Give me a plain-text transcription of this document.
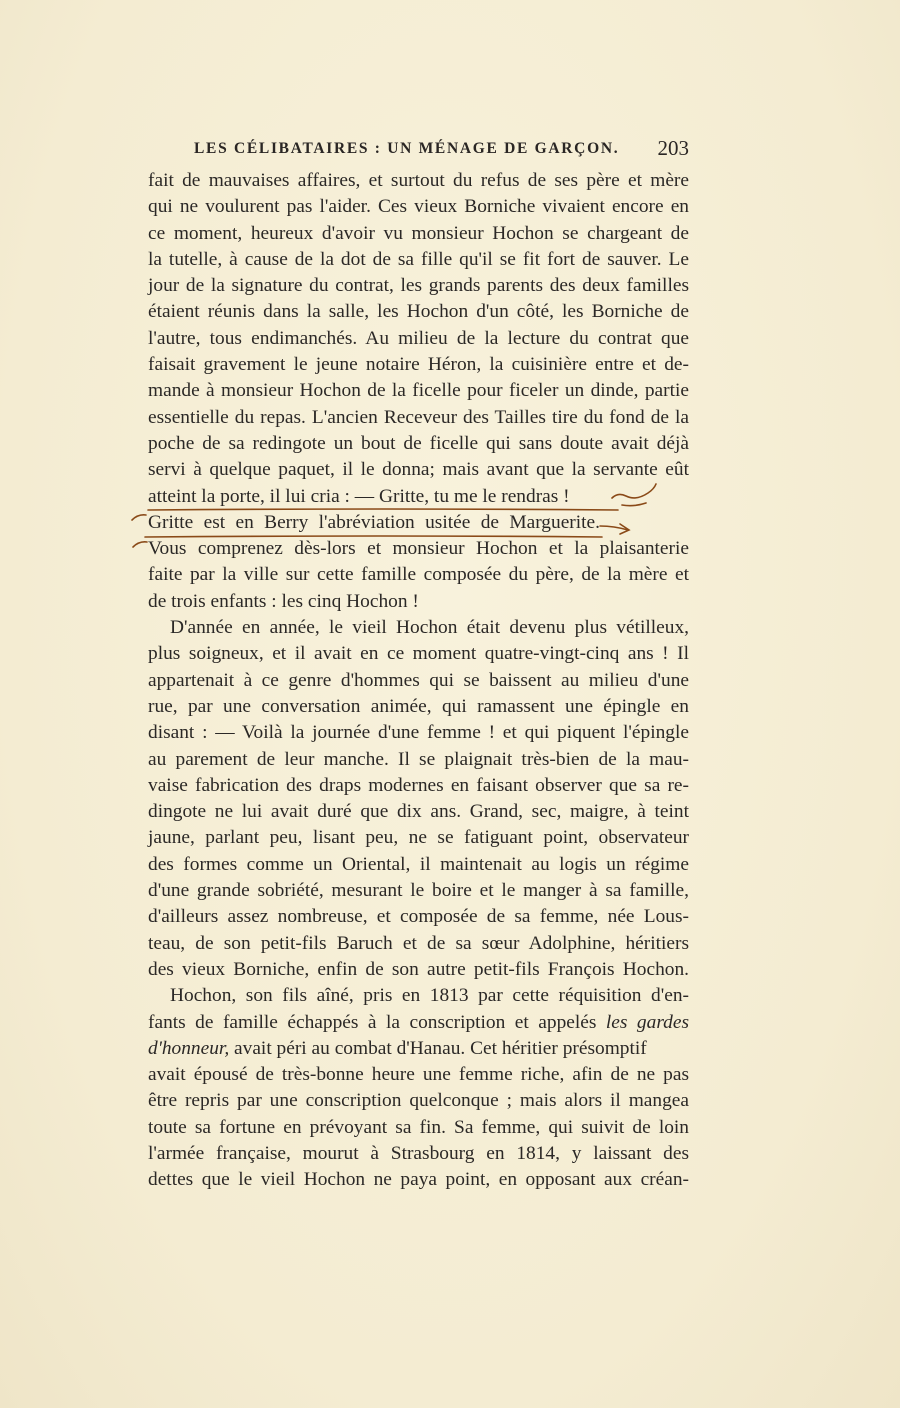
LES CÉLIBATAIRES : UN MÉNAGE DE GARÇON. 203
fait de mauvaises affaires, et surtout du refus de ses père et mère
qui ne voulurent pas l'aider. Ces vieux Borniche vivaient encore en
ce moment, heureux d'avoir vu monsieur Hochon se chargeant de
la tutelle, à cause de la dot de sa fille qu'il se fit fort de sauver. Le
jour de la signature du contrat, les grands parents des deux familles
étaient réunis dans la salle, les Hochon d'un côté, les Borniche de
l'autre, tous endimanchés. Au milieu de la lecture du contrat que
faisait gravement le jeune notaire Héron, la cuisinière entre et de-
mande à monsieur Hochon de la ficelle pour ficeler un dinde, partie
essentielle du repas. L'ancien Receveur des Tailles tire du fond de la
poche de sa redingote un bout de ficelle qui sans doute avait déjà
servi à quelque paquet, il le donna; mais avant que la servante eût
atteint la porte, il lui cria : — Gritte, tu me le rendras !
Gritte est en Berry l'abréviation usitée de Marguerite.
Vous comprenez dès-lors et monsieur Hochon et la plaisanterie
faite par la ville sur cette famille composée du père, de la mère et
de trois enfants : les cinq Hochon !
D'année en année, le vieil Hochon était devenu plus vétilleux,
plus soigneux, et il avait en ce moment quatre-vingt-cinq ans ! Il
appartenait à ce genre d'hommes qui se baissent au milieu d'une
rue, par une conversation animée, qui ramassent une épingle en
disant : — Voilà la journée d'une femme ! et qui piquent l'épingle
au parement de leur manche. Il se plaignait très-bien de la mau-
vaise fabrication des draps modernes en faisant observer que sa re-
dingote ne lui avait duré que dix ans. Grand, sec, maigre, à teint
jaune, parlant peu, lisant peu, ne se fatiguant point, observateur
des formes comme un Oriental, il maintenait au logis un régime
d'une grande sobriété, mesurant le boire et le manger à sa famille,
d'ailleurs assez nombreuse, et composée de sa femme, née Lous-
teau, de son petit-fils Baruch et de sa sœur Adolphine, héritiers
des vieux Borniche, enfin de son autre petit-fils François Hochon.
Hochon, son fils aîné, pris en 1813 par cette réquisition d'en-
fants de famille échappés à la conscription et appelés les gardes
d'honneur, avait péri au combat d'Hanau. Cet héritier présomptif
avait épousé de très-bonne heure une femme riche, afin de ne pas
être repris par une conscription quelconque ; mais alors il mangea
toute sa fortune en prévoyant sa fin. Sa femme, qui suivit de loin
l'armée française, mourut à Strasbourg en 1814, y laissant des
dettes que le vieil Hochon ne paya point, en opposant aux créan-
